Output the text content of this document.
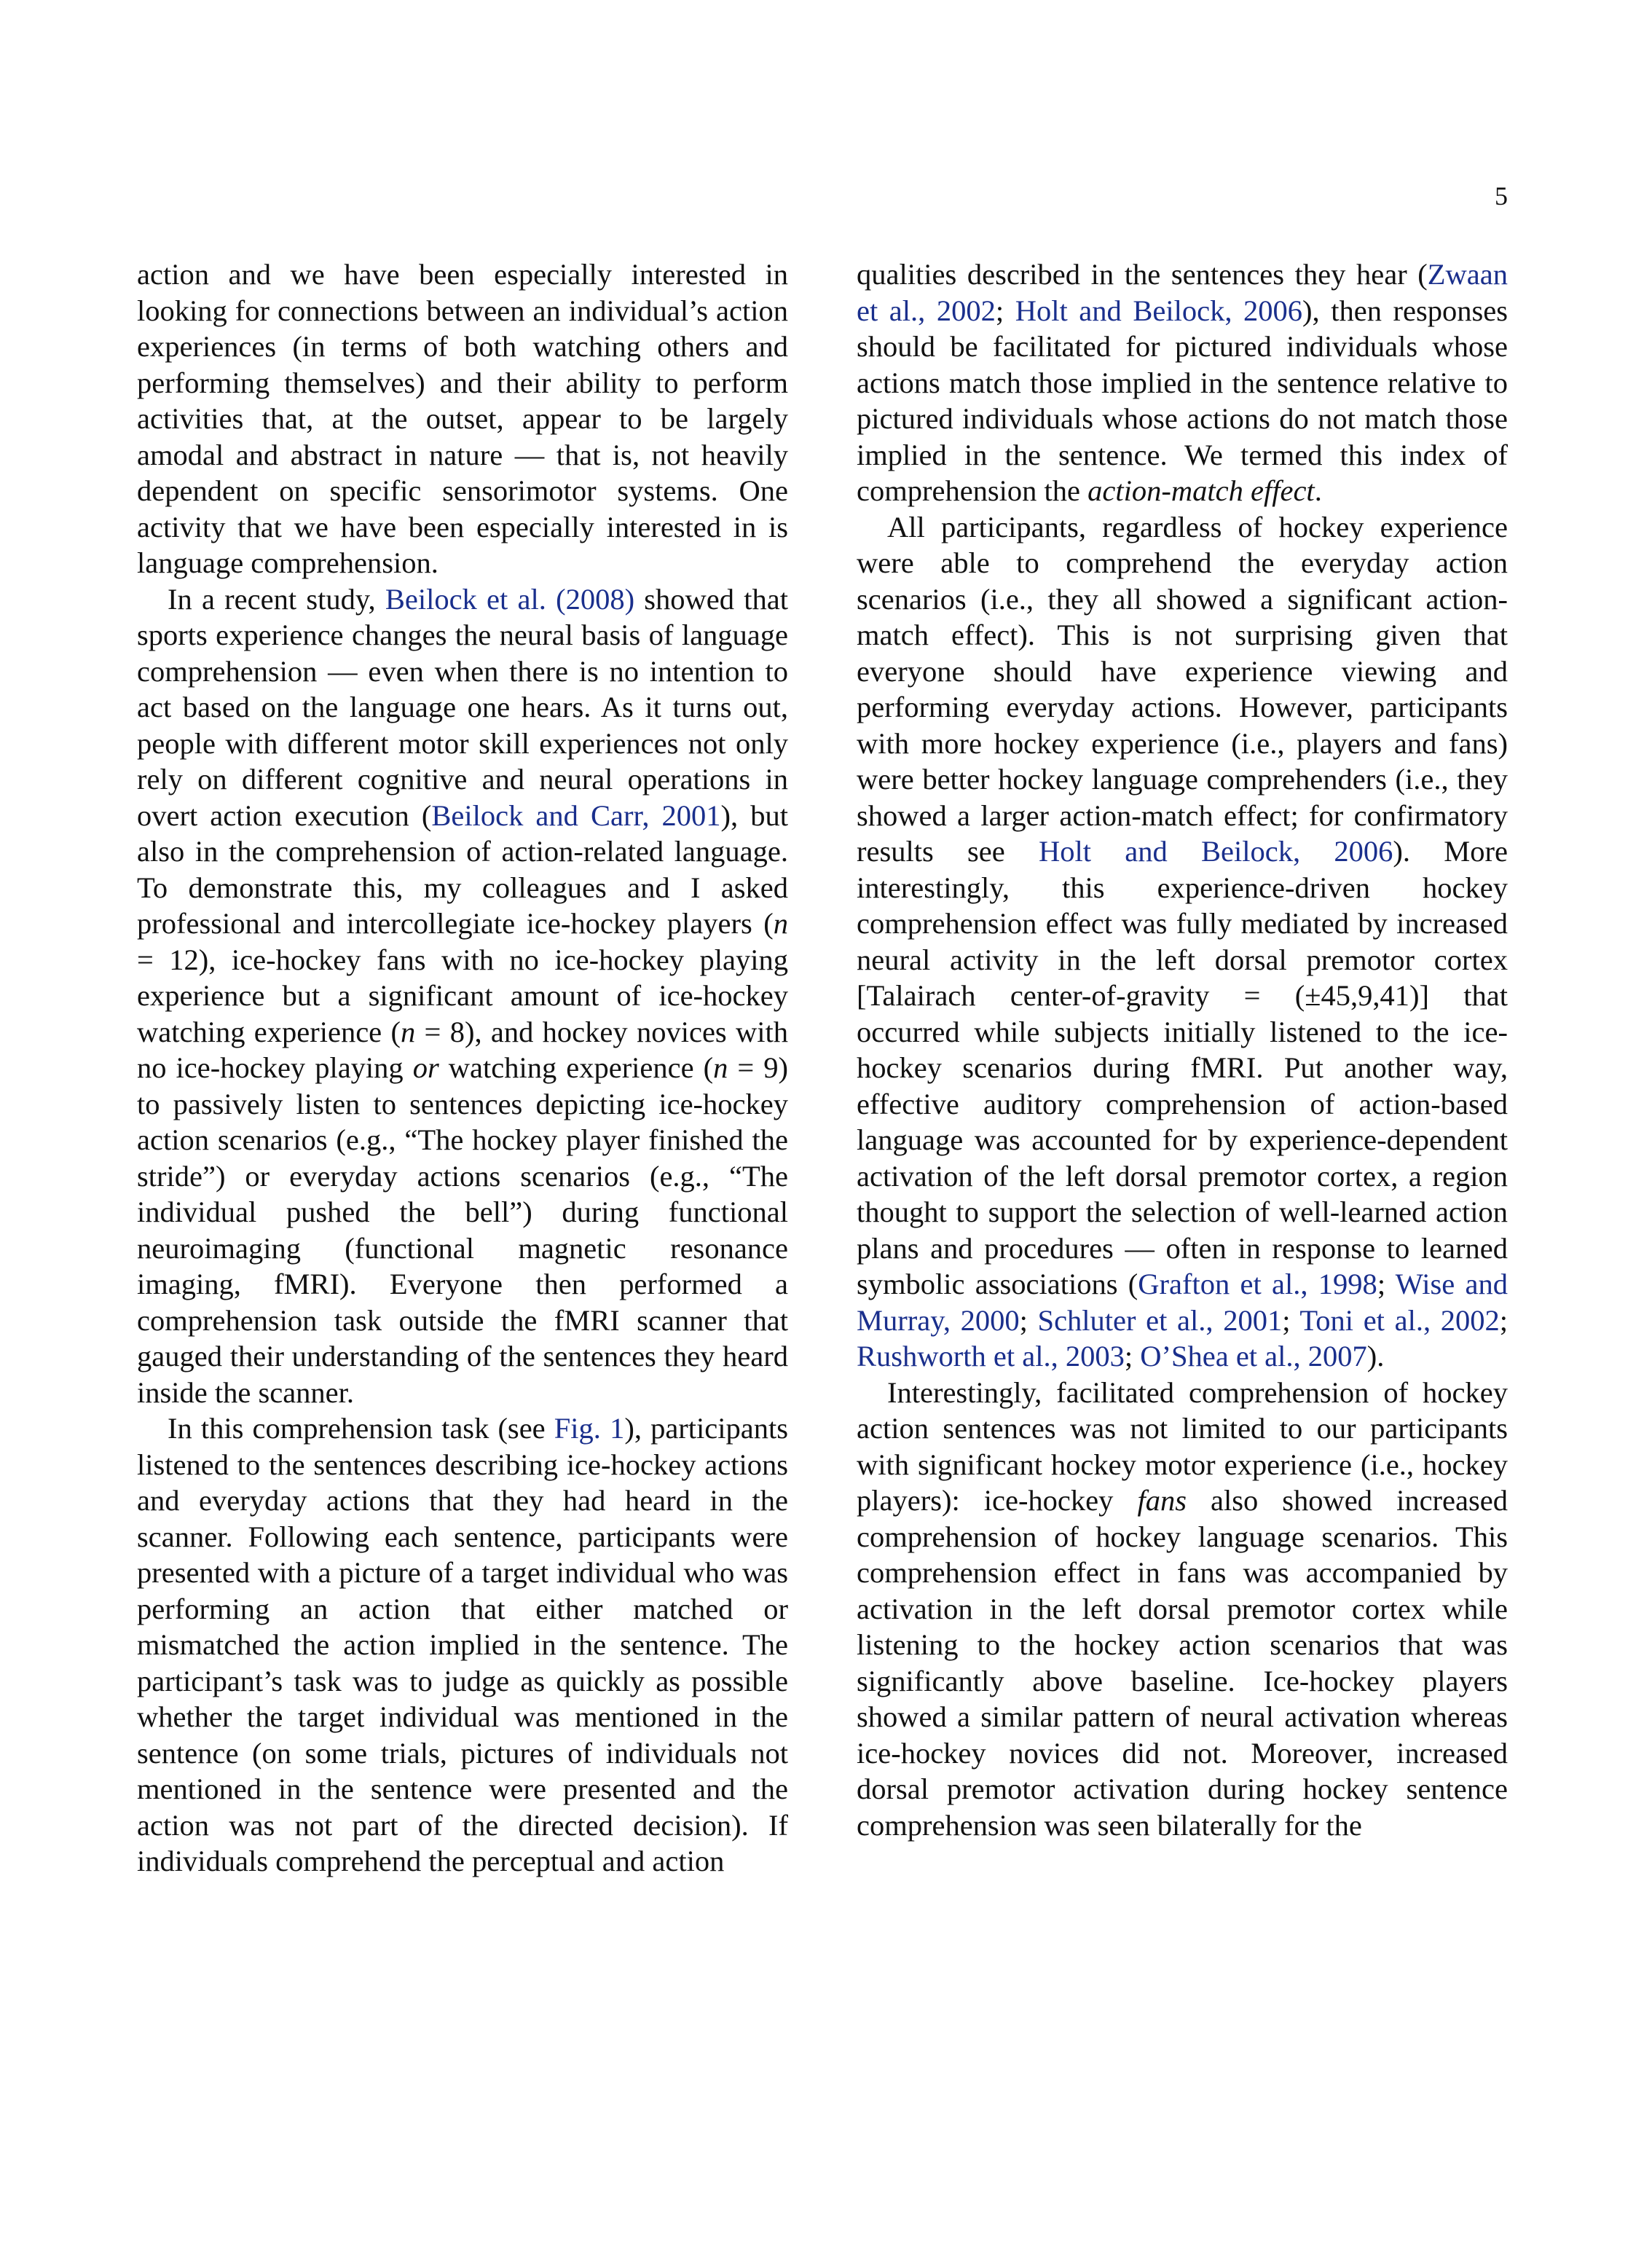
5

action and we have been especially interested in looking for connections between an individual’s action experiences (in terms of both watching others and performing themselves) and their ability to perform activities that, at the outset, appear to be largely amodal and abstract in nature — that is, not heavily dependent on specific sensorimotor systems. One activity that we have been especially interested in is language comprehension.

In a recent study, Beilock et al. (2008) showed that sports experience changes the neural basis of language comprehension — even when there is no intention to act based on the language one hears. As it turns out, people with different motor skill experiences not only rely on different cognitive and neural operations in overt action execution (Beilock and Carr, 2001), but also in the comprehension of action-related language. To demonstrate this, my colleagues and I asked professional and intercollegiate ice-hockey players (n = 12), ice-hockey fans with no ice-hockey playing experience but a significant amount of ice-hockey watching experience (n = 8), and hockey novices with no ice-hockey playing or watching experience (n = 9) to passively listen to sentences depicting ice-hockey action scenarios (e.g., “The hockey player finished the stride”) or everyday actions scenarios (e.g., “The individual pushed the bell”) during functional neuroimaging (functional magnetic resonance imaging, fMRI). Everyone then performed a comprehension task outside the fMRI scanner that gauged their understanding of the sentences they heard inside the scanner.

In this comprehension task (see Fig. 1), participants listened to the sentences describing ice-hockey actions and everyday actions that they had heard in the scanner. Following each sentence, participants were presented with a picture of a target individual who was performing an action that either matched or mismatched the action implied in the sentence. The participant’s task was to judge as quickly as possible whether the target individual was mentioned in the sentence (on some trials, pictures of individuals not mentioned in the sentence were presented and the action was not part of the directed decision). If individuals comprehend the perceptual and action

qualities described in the sentences they hear (Zwaan et al., 2002; Holt and Beilock, 2006), then responses should be facilitated for pictured individuals whose actions match those implied in the sentence relative to pictured individuals whose actions do not match those implied in the sentence. We termed this index of comprehension the action-match effect.

All participants, regardless of hockey experience were able to comprehend the everyday action scenarios (i.e., they all showed a significant action-match effect). This is not surprising given that everyone should have experience viewing and performing everyday actions. However, participants with more hockey experience (i.e., players and fans) were better hockey language comprehenders (i.e., they showed a larger action-match effect; for confirmatory results see Holt and Beilock, 2006). More interestingly, this experience-driven hockey comprehension effect was fully mediated by increased neural activity in the left dorsal premotor cortex [Talairach center-of-gravity = (±45,9,41)] that occurred while subjects initially listened to the ice-hockey scenarios during fMRI. Put another way, effective auditory comprehension of action-based language was accounted for by experience-dependent activation of the left dorsal premotor cortex, a region thought to support the selection of well-learned action plans and procedures — often in response to learned symbolic associations (Grafton et al., 1998; Wise and Murray, 2000; Schluter et al., 2001; Toni et al., 2002; Rushworth et al., 2003; O’Shea et al., 2007).

Interestingly, facilitated comprehension of hockey action sentences was not limited to our participants with significant hockey motor experience (i.e., hockey players): ice-hockey fans also showed increased comprehension of hockey language scenarios. This comprehension effect in fans was accompanied by activation in the left dorsal premotor cortex while listening to the hockey action scenarios that was significantly above baseline. Ice-hockey players showed a similar pattern of neural activation whereas ice-hockey novices did not. Moreover, increased dorsal premotor activation during hockey sentence comprehension was seen bilaterally for the
